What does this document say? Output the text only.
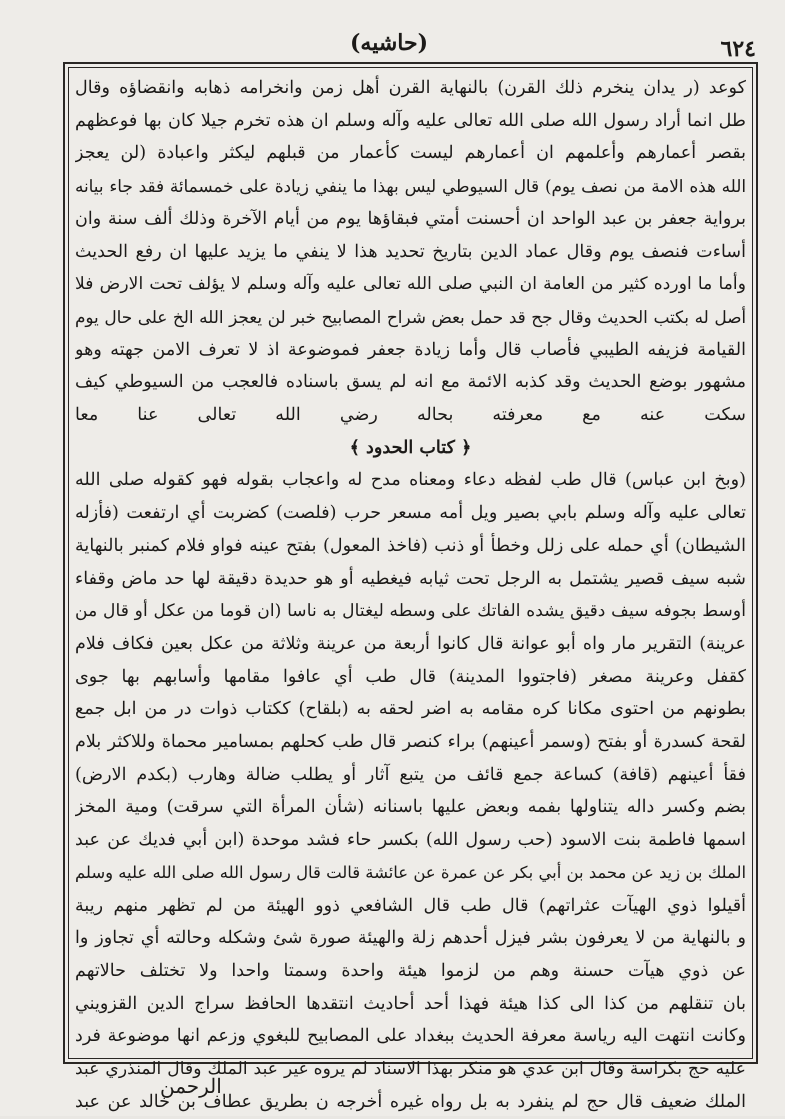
(حاشيه)	٦٢٤
كوعد (ر يدان ينخرم ذلك القرن) بالنهاية القرن أهل زمن وانخرامه ذهابه وانقضاؤه وقال
طل انما أراد رسول الله صلى الله تعالى عليه وآله وسلم ان هذه تخرم جيلا كان بها فوعظهم
بقصر أعمارهم وأعلمهم ان أعمارهم ليست كأعمار من قبلهم ليكثر واعبادة (لن يعجز
الله هذه الامة من نصف يوم) قال السيوطي ليس بهذا ما ينفي زيادة على خمسمائة فقد جاء بيانه
برواية جعفر بن عبد الواحد ان أحسنت أمتي فبقاؤها يوم من أيام الآخرة وذلك ألف سنة وان
أساءت فنصف يوم وقال عماد الدين بتاريخ تحديد هذا لا ينفي ما يزيد عليها ان رفع الحديث
وأما ما اورده كثير من العامة ان النبي صلى الله تعالى عليه وآله وسلم لا يؤلف تحت الارض فلا
أصل له بكتب الحديث وقال جح قد حمل بعض شراح المصابيح خبر لن يعجز الله الخ على حال يوم
القيامة فزيفه الطيبي فأصاب قال وأما زيادة جعفر فموضوعة اذ لا تعرف الامن جهته وهو
مشهور بوضع الحديث وقد كذبه الائمة مع انه لم يسق باسناده فالعجب من السيوطي كيف
سكت عنه مع معرفته بحاله رضي الله تعالى عنا معا
﴿ كتاب الحدود ﴾
(وبخ ابن عباس) قال طب لفظه دعاء ومعناه مدح له واعجاب بقوله فهو كقوله صلى الله
تعالى عليه وآله وسلم بابي بصير ويل أمه مسعر حرب (فلصت) كضربت أي ارتفعت (فأزله
الشيطان) أي حمله على زلل وخطأ أو ذنب (فاخذ المعول) بفتح عينه فواو فلام كمنبر بالنهاية
شبه سيف قصير يشتمل به الرجل تحت ثيابه فيغطيه أو هو حديدة دقيقة لها حد ماض وقفاء
أوسط بجوفه سيف دقيق يشده الفاتك على وسطه ليغتال به ناسا (ان قوما من عكل أو قال من
عرينة) التقرير مار واه أبو عوانة قال كانوا أربعة من عرينة وثلاثة من عكل بعين فكاف فلام
كقفل وعرينة مصغر (فاجتووا المدينة) قال طب أي عافوا مقامها وأسابهم بها جوى
بطونهم من احتوى مكانا كره مقامه به اضر لحقه به (بلقاح) ككتاب ذوات در من ابل جمع
لقحة كسدرة أو بفتح (وسمر أعينهم) براء كنصر قال طب كحلهم بمسامير محماة وللاكثر بلام
فقأ أعينهم (قافة) كساعة جمع قائف من يتبع آثار أو يطلب ضالة وهارب (بكدم الارض)
بضم وكسر داله يتناولها بفمه وبعض عليها باسنانه (شأن المرأة التي سرقت) ومية المخز
اسمها فاطمة بنت الاسود (حب رسول الله) بكسر حاء فشد موحدة (ابن أبي فديك عن عبد
الملك بن زيد عن محمد بن أبي بكر عن عمرة عن عائشة قالت قال رسول الله صلى الله عليه وسلم
أقيلوا ذوي الهيآت عثراتهم) قال طب قال الشافعي ذوو الهيئة من لم تظهر منهم ريبة
و بالنهاية من لا يعرفون بشر فيزل أحدهم زلة والهيئة صورة شئ وشكله وحالته أي تجاوز وا
عن ذوي هيآت حسنة وهم من لزموا هيئة واحدة وسمتا واحدا ولا تختلف حالاتهم
بان تنقلهم من كذا الى كذا هيئة فهذا أحد أحاديث انتقدها الحافظ سراج الدين القزويني
وكانت انتهت اليه رياسة معرفة الحديث ببغداد على المصابيح للبغوي وزعم انها موضوعة فرد
عليه حج بكراسة وقال ابن عدي هو منكر بهذا الاسناد لم يروه غير عبد الملك وقال المنذري عبد
الملك ضعيف قال حج لم ينفرد به بل رواه غيره أخرجه ن بطريق عطاف بن خالد عن عبد
الرحمن
